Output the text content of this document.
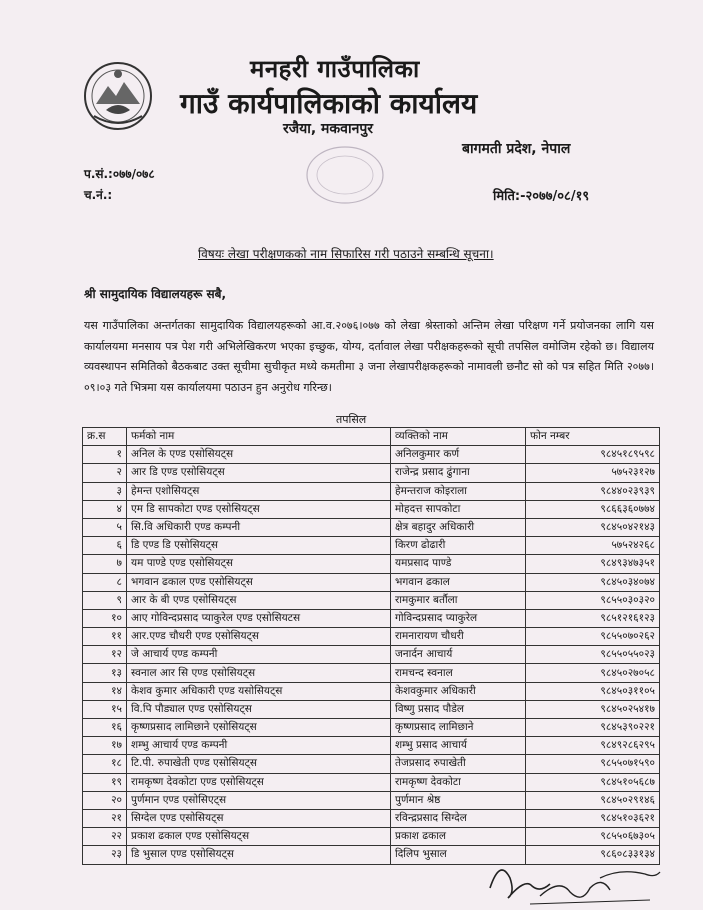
मनहरी गाउँपालिका
गाउँ कार्यपालिकाको कार्यालय
रजैया, मकवानपुर
बागमती प्रदेश, नेपाल
प.सं.:०७७/०७८
च.नं.:	मिति:-२०७७/०८/१९
विषयः लेखा परीक्षणकको नाम सिफारिस गरी पठाउने सम्बन्धि सूचना।
श्री सामुदायिक विद्यालयहरू सबै,
यस गाउँपालिका अन्तर्गतका सामुदायिक विद्यालयहरूको आ.व.२०७६।०७७ को लेखा श्रेस्ताको अन्तिम लेखा परिक्षण गर्ने प्रयोजनका लागि यस कार्यालयमा मनसाय पत्र पेश गरी अभिलेखिकरण भएका इच्छुक, योग्य, दर्तावाल लेखा परीक्षकहरूको सूची तपसिल वमोजिम रहेको छ। विद्यालय व्यवस्थापन समितिको बैठकबाट उक्त सूचीमा सुचीकृत मध्ये कमतीमा ३ जना लेखापरीक्षकहरूको नामावली छनौट सो को पत्र सहित मिति २०७७।०९।०३ गते भित्रमा यस कार्यालयमा पठाउन हुन अनुरोध गरिन्छ।
तपसिल
क्र.स	फर्मको नाम	व्यक्तिको नाम	फोन नम्बर
१	अनिल के एण्ड एसोसियट्स	अनिलकुमार कर्ण	९८४५१८९५९८
२	आर डि एण्ड एसोसियट्स	राजेन्द्र प्रसाद ढुंगाना	५७५२३१२७
३	हेमन्त एशोसियट्स	हेमन्तराज कोइराला	९८४४०२३९३९
४	एम डि सापकोटा एण्ड एसोसियट्स	मोहदत्त सापकोटा	९८६६३६०७७४
५	सि.वि अधिकारी एण्ड कम्पनी	क्षेत्र बहादुर अधिकारी	९८४५०४२१४३
६	डि एण्ड डि एसोसियट्स	किरण ढोढारी	५७५२४२६८
७	यम पाण्डे एण्ड एसोसियट्स	यमप्रसाद पाण्डे	९८४९३४७३५१
८	भगवान ढकाल एण्ड एसोसियट्स	भगवान ढकाल	९८४५०३४०७४
९	आर के बी एण्ड एसोसियट्स	रामकुमार बर्तौला	९८५५०३०३२०
१०	आए गोविन्दप्रसाद प्याकुरेल एण्ड एसोसियटस	गोविन्दप्रसाद प्याकुरेल	९८५१२१६१२३
११	आर.एण्ड चौधरी एण्ड एसोसियट्स	रामनारायण चौधरी	९८५५०७०२६२
१२	जे आचार्य एण्ड कम्पनी	जनार्दन आचार्य	९८५५०५५०२३
१३	स्वनाल आर सि एण्ड एसोसियट्स	रामचन्द स्वनाल	९८४५०२७०५८
१४	केशव कुमार अधिकारी एण्ड यसोसियट्स	केशवकुमार अधिकारी	९८४५०३११०५
१५	वि.पि पौड्याल एण्ड एसोसियट्स	विष्णु प्रसाद पौडेल	९८४५०२५४१७
१६	कृष्णप्रसाद लामिछाने एसोसियट्स	कृष्णप्रसाद लामिछाने	९८४५३९०२२१
१७	शम्भु आचार्य एण्ड कम्पनी	शम्भु प्रसाद आचार्य	९८४९२८६२९५
१८	टि.पी. रुपाखेती एण्ड एसोसियट्स	तेजप्रसाद रुपाखेती	९८५५०७१५९०
१९	रामकृष्ण देवकोटा एण्ड एसोसियट्स	रामकृष्ण देवकोटा	९८४५१०५६८७
२०	पुर्णमान एण्ड एसोसिएट्स	पुर्णमान श्रेष्ठ	९८४५०२९१४६
२१	सिग्देल एण्ड एसोसियट्स	रविन्द्रप्रसाद सिग्देल	९८४५१०३६२१
२२	प्रकाश ढकाल एण्ड एसोसियट्स	प्रकाश ढकाल	९८५५०६७३०५
२३	डि भुसाल एण्ड एसोसियट्स	दिलिप भुसाल	९८६०८३३१३४
